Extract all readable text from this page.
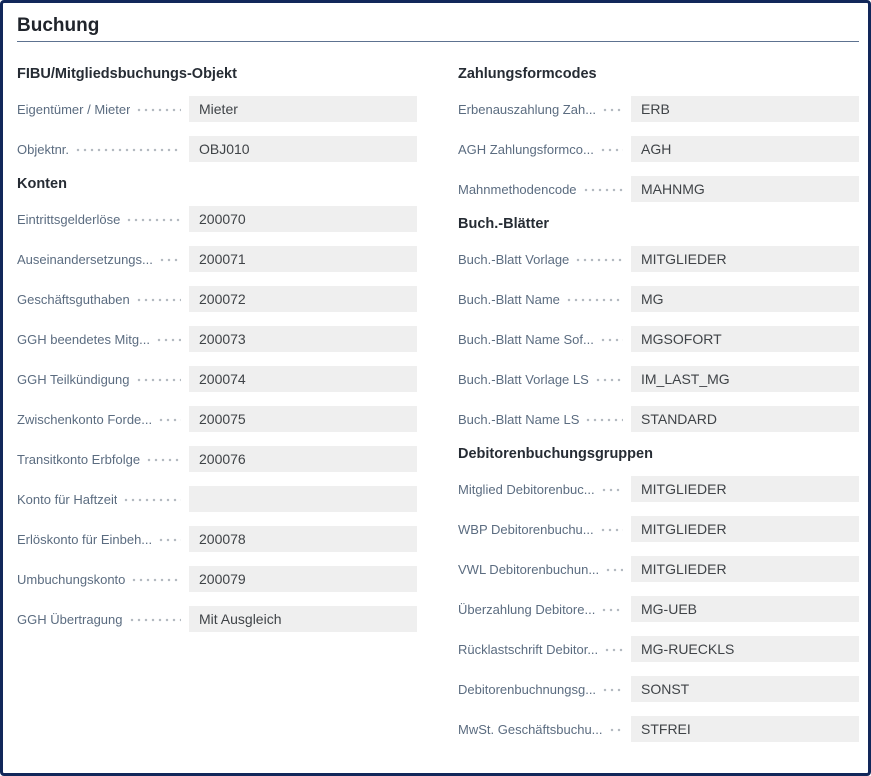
Buchung
FIBU/Mitgliedsbuchungs-Objekt
Eigentümer / Mieter	Mieter
Objektnr.	OBJ010
Konten
Eintrittsgelderlöse	200070
Auseinandersetzungs...	200071
Geschäftsguthaben	200072
GGH beendetes Mitg...	200073
GGH Teilkündigung	200074
Zwischenkonto Forde...	200075
Transitkonto Erbfolge	200076
Konto für Haftzeit
Erlöskonto für Einbeh...	200078
Umbuchungskonto	200079
GGH Übertragung	Mit Ausgleich
Zahlungsformcodes
Erbenauszahlung Zah...	ERB
AGH Zahlungsformco...	AGH
Mahnmethodencode	MAHNMG
Buch.-Blätter
Buch.-Blatt Vorlage	MITGLIEDER
Buch.-Blatt Name	MG
Buch.-Blatt Name Sof...	MGSOFORT
Buch.-Blatt Vorlage LS	IM_LAST_MG
Buch.-Blatt Name LS	STANDARD
Debitorenbuchungsgruppen
Mitglied Debitorenbuc...	MITGLIEDER
WBP Debitorenbuchu...	MITGLIEDER
VWL Debitorenbuchun...	MITGLIEDER
Überzahlung Debitore...	MG-UEB
Rücklastschrift Debitor...	MG-RUECKLS
Debitorenbuchnungsg...	SONST
MwSt. Geschäftsbuchu...	STFREI
